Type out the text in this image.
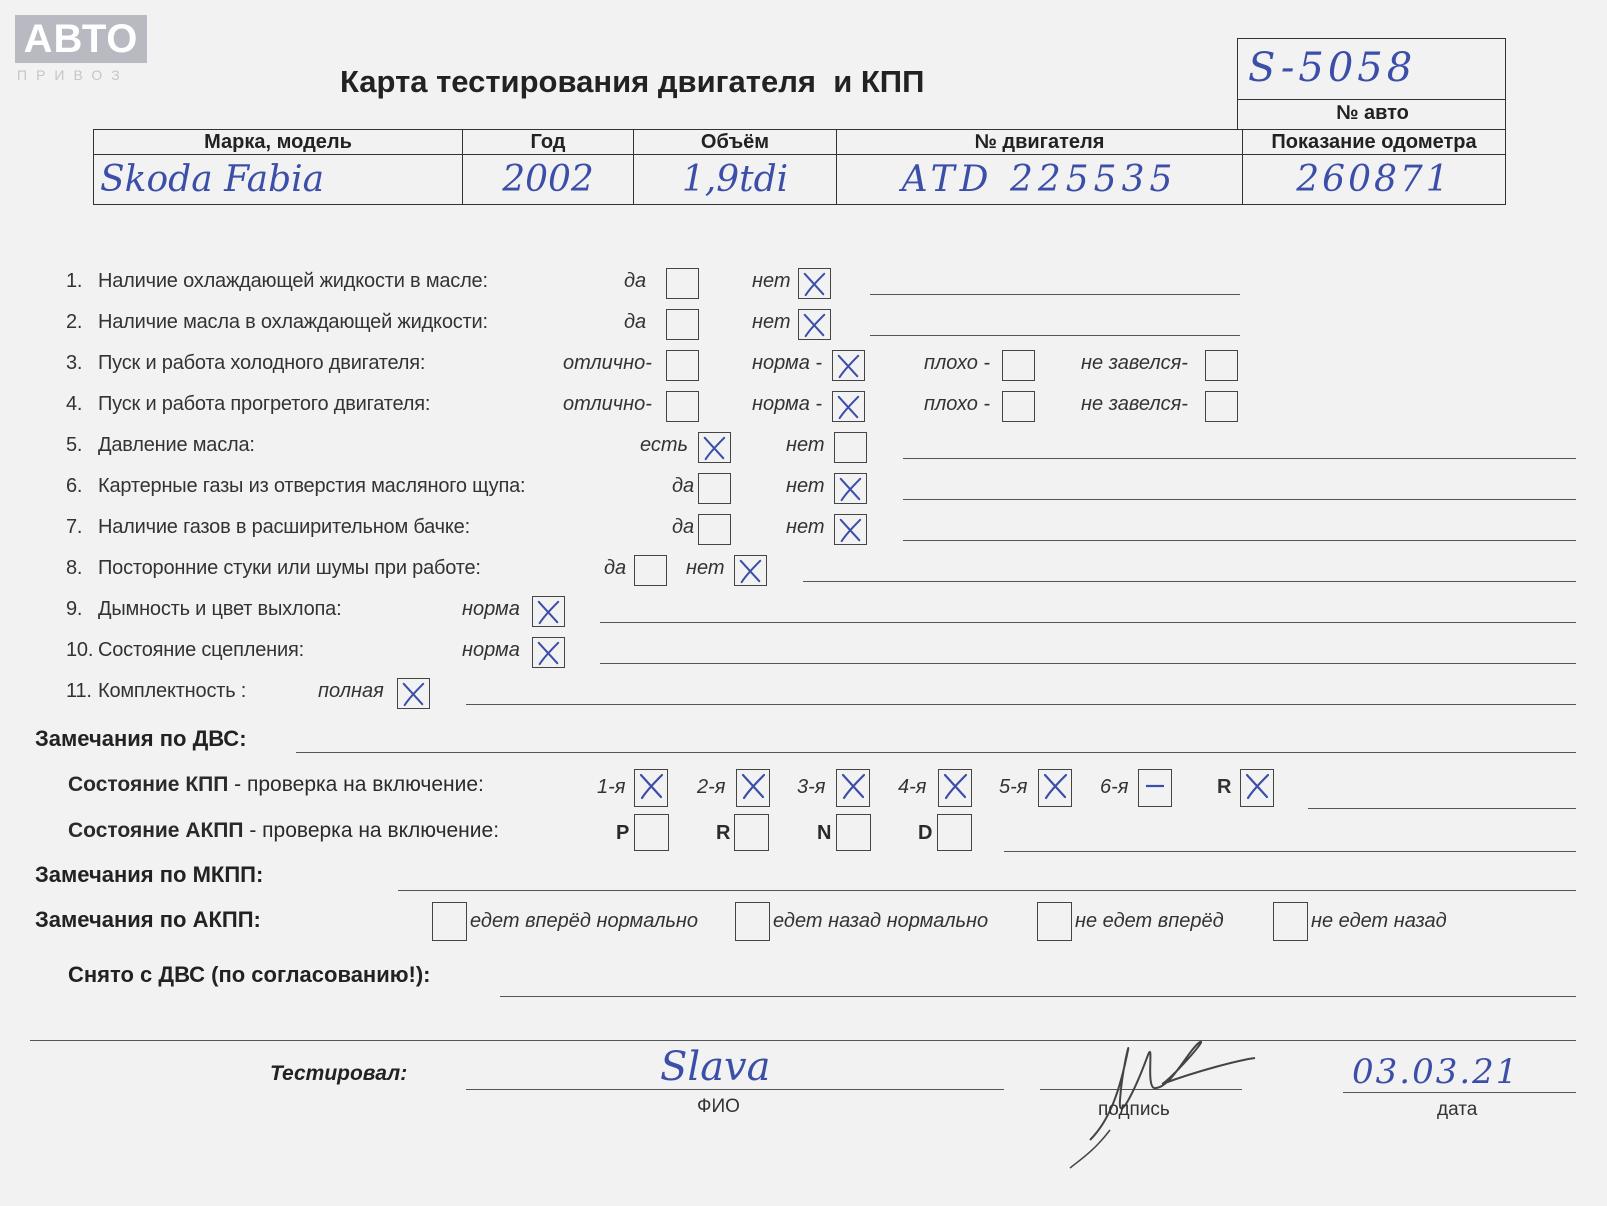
АВТО
ПРИВОЗ	Карта тестирования двигателя  и КПП	S-5058
№ авто
Марка, модель	Год	Объём	№ двигателя	Показание одометра
Skoda Fabia	2002	1,9tdi	ATD 225535	260871
1. Наличие охлаждающей жидкости в масле:	да	нет
2. Наличие масла в охлаждающей жидкости:	да	нет
3. Пуск и работа холодного двигателя:	отлично-	норма -	плохо -	не завелся-
4. Пуск и работа прогретого двигателя:	отлично-	норма -	плохо -	не завелся-
5. Давление масла:	есть	нет
6. Картерные газы из отверстия масляного щупа:	да	нет
7. Наличие газов в расширительном бачке:	да	нет
8. Посторонние стуки или шумы при работе:	да	нет
9. Дымность и цвет выхлопа:	норма
10. Состояние сцепления:	норма
11. Комплектность :	полная
Замечания по ДВС:
Состояние КПП - проверка на включение:	1-я	2-я	3-я	4-я	5-я	6-я	R
Состояние АКПП - проверка на включение:	P	R	N	D
Замечания по МКПП:
Замечания по АКПП:	едет вперёд нормально	едет назад нормально	не едет вперёд	не едет назад
Снято с ДВС (по согласованию!):
Тестировал:	Slava
ФИО	подпись
03.03.21
дата
